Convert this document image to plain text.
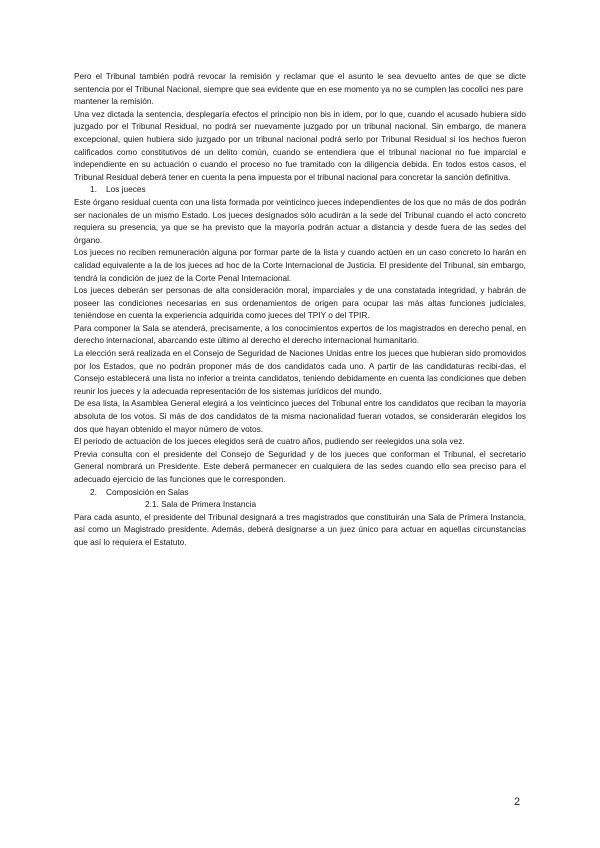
Pero el Tribunal también podrá revocar la remisión y reclamar que el asunto le sea devuelto antes de que se dicte sentencia por el Tribunal Nacional, siempre que sea evidente que en ese momento ya no se cumplen las cocolici nes pare

mantener la remisión.

Una vez dictada la sentencia, desplegaría efectos el principio non bis in idem, por lo que, cuando el acusado hubiera sido juzgado por el Tribunal Residual, no podrá ser nuevamente juzgado por un tribunal nacional. Sin embargo, de manera excepcional, quien hubiera sido juzgado por un tribunal nacional podrá serlo por Tribunal Residual si los hechos fueron calificados como constitutivos de un delito común, cuando se entendiera que el tribunal nacional no fue imparcial e independiente en su actuación o cuando el proceso no fue tramitado con la diligencia debida. En todos estos casos, el Tribunal Residual deberá tener en cuenta la pena impuesta por el tribunal nacional para concretar la sanción definitiva.

1. Los jueces

Este órgano residual cuenta con una lista formada por veinticinco jueces independientes de los que no más de dos podrán ser nacionales de un mismo Estado. Los jueces designados sólo acudirán a la sede del Tribunal cuando el acto concreto requiera su presencia, ya que se ha previsto que la mayoría podrán actuar a distancia y desde fuera de las sedes del órgano.

Los jueces no reciben remuneración alguna por formar parte de la lista y cuando actúen en un caso concreto lo harán en calidad equivalente a la de los jueces ad hoc de la Corte Internacional de Justicia. El presidente del Tribunal, sin embargo, tendrá la condición de juez de la Corte Penal Internacional.

Los jueces deberán ser personas de alta consideración moral, imparciales y de una constatada integridad, y habrán de poseer las condiciones necesarias en sus ordenamientos de origen para ocupar las más altas funciones judiciales, teniéndose en cuenta la experiencia adquirida como jueces del TPIY o del TPIR.

Para componer la Sala se atenderá, precisamente, a los conocimientos expertos de los magistrados en derecho penal, en derecho internacional, abarcando este último al derecho el derecho internacional humanitario.

La elección será realizada en el Consejo de Seguridad de Naciones Unidas entre los jueces que hubieran sido promovidos por los Estados, que no podrán proponer más de dos candidatos cada uno. A partir de las candidaturas recibi-das, el Consejo establecerá una lista no inferior a treinta candidatos, teniendo debidamente en cuenta las condiciones que deben reunir los jueces y la adecuada representación de los sistemas jurídicos del mundo.

De esa lista, la Asamblea General elegirá a los veinticinco jueces del Tribunal entre los candidatos que reciban la mayoría absoluta de los votos. Si más de dos candidatos de la misma nacionalidad fueran votados, se considerarán elegidos los dos que hayan obtenido el mayor número de votos.

El periodo de actuación de los jueces elegidos será de cuatro años, pudiendo ser reelegidos una sola vez.

Previa consulta con el presidente del Consejo de Seguridad y de los jueces que conforman el Tribunal, el secretario General nombrará un Presidente. Este deberá permanecer en cualquiera de las sedes cuando ello sea preciso para el adecuado ejercicio de las funciones que le corresponden.

2. Composición en Salas

2.1. Sala de Primera Instancia

Para cada asunto, el presidente del Tribunal designará a tres magistrados que constituirán una Sala de Primera Instancia, así como un Magistrado presidente. Además, deberá designarse a un juez único para actuar en aquellas circunstancias que así lo requiera el Estatuto.

2
